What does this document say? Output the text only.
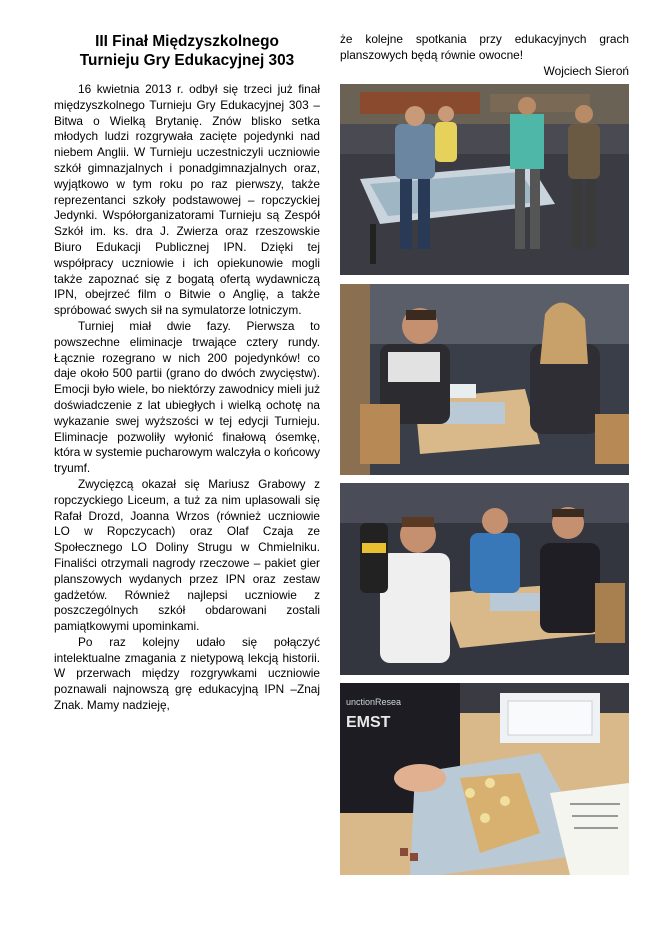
III Finał Międzyszkolnego
Turnieju Gry Edukacyjnej 303

16 kwietnia 2013 r. odbył się trzeci już finał międzyszkolnego Turnieju Gry Edukacyjnej 303 – Bitwa o Wielką Brytanię. Znów blisko setka młodych ludzi rozgrywała zacięte pojedynki nad niebem Anglii. W Turnieju uczestniczyli uczniowie szkół gimnazjalnych i ponadgimnazjalnych oraz, wyjątkowo w tym roku po raz pierwszy, także reprezentanci szkoły podstawowej – ropczyckiej Jedynki. Współorganizatorami Turnieju są Zespół Szkół im. ks. dra J. Zwierza oraz rzeszowskie Biuro Edukacji Publicznej IPN. Dzięki tej współpracy uczniowie i ich opiekunowie mogli także zapoznać się z bogatą ofertą wydawniczą IPN, obejrzeć film o Bitwie o Anglię, a także spróbować swych sił na symulatorze lotniczym.

Turniej miał dwie fazy. Pierwsza to powszechne eliminacje trwające cztery rundy. Łącznie rozegrano w nich 200 pojedynków! co daje około 500 partii (grano do dwóch zwycięstw). Emocji było wiele, bo niektórzy zawodnicy mieli już doświadczenie z lat ubiegłych i wielką ochotę na wykazanie swej wyższości w tej edycji Turnieju. Eliminacje pozwoliły wyłonić finałową ósemkę, która w systemie pucharowym walczyła o końcowy tryumf.

Zwycięzcą okazał się Mariusz Grabowy z ropczyckiego Liceum, a tuż za nim uplasowali się Rafał Drozd, Joanna Wrzos (również uczniowie LO w Ropczycach) oraz Olaf Czaja ze Społecznego LO Doliny Strugu w Chmielniku. Finaliści otrzymali nagrody rzeczowe – pakiet gier planszowych wydanych przez IPN oraz zestaw gadżetów. Również najlepsi uczniowie z poszczególnych szkół obdarowani zostali pamiątkowymi upominkami.

Po raz kolejny udało się połączyć intelektualne zmagania z nietypową lekcją historii. W przerwach między rozgrywkami uczniowie poznawali najnowszą grę edukacyjną IPN –Znaj Znak. Mamy nadzieję,

że kolejne spotkania przy edukacyjnych grach planszowych będą równie owocne!

Wojciech Sieroń

unctionResea
EMST
